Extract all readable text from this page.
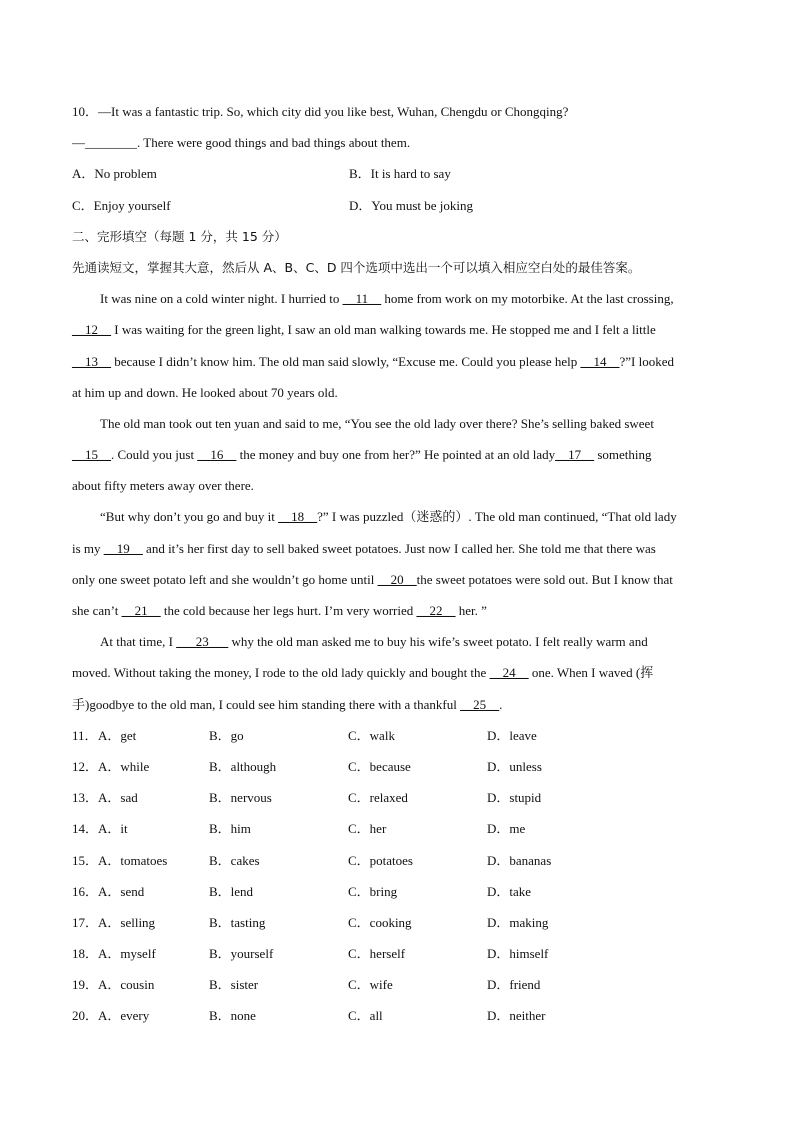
10．—It was a fantastic trip. So, which city did you like best, Wuhan, Chengdu or Chongqing?
—________. There were good things and bad things about them.
A．No problem	B．It is hard to say
C．Enjoy yourself	D．You must be joking
二、完形填空（每题 1 分，共 15 分）
先通读短文，掌握其大意，然后从 A、B、C、D 四个选项中选出一个可以填入相应空白处的最佳答案。
It was nine on a cold winter night. I hurried to __11__ home from work on my motorbike. At the last crossing,
__12__ I was waiting for the green light, I saw an old man walking towards me. He stopped me and I felt a little
__13__ because I didn’t know him. The old man said slowly, “Excuse me. Could you please help __14__?”I looked
at him up and down. He looked about 70 years old.
The old man took out ten yuan and said to me, “You see the old lady over there? She’s selling baked sweet
__15__. Could you just __16__ the money and buy one from her?” He pointed at an old lady__17__ something
about fifty meters away over there.
“But why don’t you go and buy it __18__?” I was puzzled（迷惑的）. The old man continued, “That old lady
is my __19__ and it’s her first day to sell baked sweet potatoes. Just now I called her. She told me that there was
only one sweet potato left and she wouldn’t go home until __20__the sweet potatoes were sold out. But I know that
she can’t __21__ the cold because her legs hurt. I’m very worried __22__ her. ”
At that time, I ___23___ why the old man asked me to buy his wife’s sweet potato. I felt really warm and
moved. Without taking the money, I rode to the old lady quickly and bought the __24__ one. When I waved (挥
手)goodbye to the old man, I could see him standing there with a thankful __25__.
11． A．get	B．go	C．walk	D．leave
12． A．while	B．although	C．because	D．unless
13． A．sad	B．nervous	C．relaxed	D．stupid
14． A．it	B．him	C．her	D．me
15． A．tomatoes	B．cakes	C．potatoes	D．bananas
16． A．send	B．lend	C．bring	D．take
17． A．selling	B．tasting	C．cooking	D．making
18． A．myself	B．yourself	C．herself	D．himself
19． A．cousin	B．sister	C．wife	D．friend
20． A．every	B．none	C．all	D．neither
